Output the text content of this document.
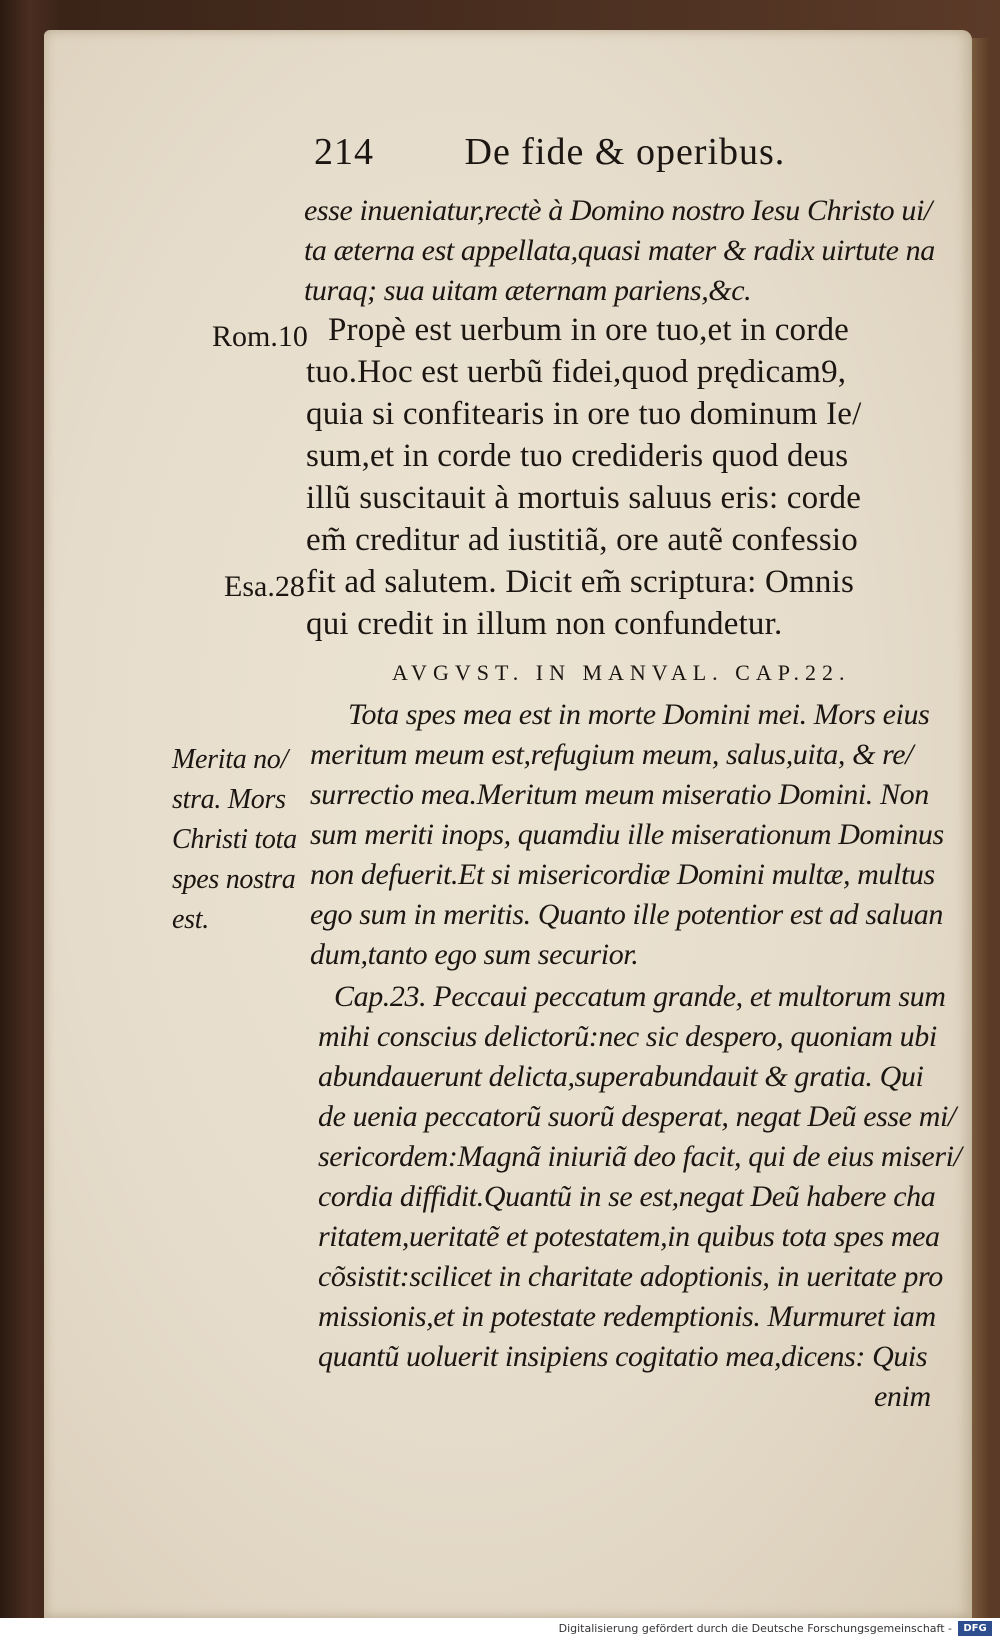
214 De fide & operibus.
esse inueniatur,rectè à Domino nostro Iesu Christo ui/
ta æterna est appellata,quasi mater & radix uirtute na
turaq; sua uitam æternam pariens,&c.
Propè est uerbum in ore tuo,et in corde
tuo.Hoc est uerbũ fidei,quod prędicam9,
quia si confitearis in ore tuo dominum Ie/
sum,et in corde tuo credideris quod deus
illũ suscitauit à mortuis saluus eris: corde
em̃ creditur ad iustitiã, ore autẽ confessio
fit ad salutem. Dicit em̃ scriptura: Omnis
qui credit in illum non confundetur.
AVGVST. IN MANVAL. CAP.22.
Tota spes mea est in morte Domini mei. Mors eius
meritum meum est,refugium meum, salus,uita, & re/
surrectio mea.Meritum meum miseratio Domini. Non
sum meriti inops, quamdiu ille miserationum Dominus
non defuerit.Et si misericordiæ Domini multæ, multus
ego sum in meritis. Quanto ille potentior est ad saluan
dum,tanto ego sum securior.
Cap.23. Peccaui peccatum grande, et multorum sum
mihi conscius delictorũ:nec sic despero, quoniam ubi
abundauerunt delicta,superabundauit & gratia. Qui
de uenia peccatorũ suorũ desperat, negat Deũ esse mi/
sericordem:Magnã iniuriã deo facit, qui de eius miseri/
cordia diffidit.Quantũ in se est,negat Deũ habere cha
ritatem,ueritatẽ et potestatem,in quibus tota spes mea
cõsistit:scilicet in charitate adoptionis, in ueritate pro
missionis,et in potestate redemptionis. Murmuret iam
quantũ uoluerit insipiens cogitatio mea,dicens: Quis
enim
Rom.10
Esa.28
Merita no/
stra. Mors
Christi tota
spes nostra
est.
Digitalisierung gefördert durch die Deutsche Forschungsgemeinschaft -	DFG
